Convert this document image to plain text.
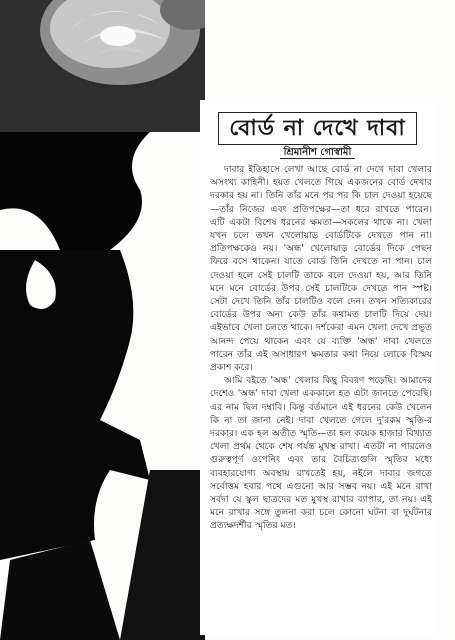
বোর্ড না দেখে দাবা
শ্রিমানীশ গোস্বামী

দাবার ইতিহাসে লেখা আছে বোর্ড না দেখে দাবা খেলার অসংখ্য কাহিনী। হয়ত খেলতে গিয়ে একজনের বোর্ড দেখার দরকার হয় না। তিনি তাঁর মনে পর পর কি চাল দেওয়া হয়েছে—তাঁর নিজের এবং প্রতিপক্ষের—তা ধরে রাখতে পারেন। এটি একটা বিশেষ ধরনের ক্ষমতা—সকলের থাকে না। খেলা যখন চলে তখন খেলোয়াড় বোর্ডটিকে দেখতে পান না। প্রতিপক্ষকেও নয়। 'অন্ধ' খেলোয়াড় বোর্ডের দিকে পেছন ফিরে বসে থাকেন। যাতে বোর্ড তিনি দেখতে না পান। চাল দেওয়া হলে সেই চালটি তাকে বলে দেওয়া হয়, আর তিনি মনে মনে বোর্ডের উপর সেই চালটিকে দেখতে পান স্পষ্ট। সেটা দেখে তিনি তাঁর চালটিও বলে দেন। তখন সত্যিকারের বোর্ডের উপর অন্য কেউ তাঁর কথামত চালটি দিয়ে দেয়। এইভাবে খেলা চলতে থাকে। দর্শকেরা এমন খেলা দেখে প্রভূত আনন্দ পেয়ে থাকেন এবং যে ব্যক্তি 'অন্ধ' দাবা খেলতে পারেন তাঁর এই অসাধারণ ক্ষমতার কথা নিয়ে লোকে বিস্ময় প্রকাশ করে।

আমি বইতে 'অন্ধ' খেলার কিছু বিবরণ পড়েছি। আমাদের দেশেও 'অন্ধ' দাবা খেলা এককালে হত এটা জানতে পেরেছি। এর নাম ছিল দম্বাবি। কিন্তু বর্তমানে এই ধরনের কেউ খেলেন কি না তা জানা নেই। দাবা খেলতে গেলে দু'রকম স্মৃতি-র দরকার। এক হল অতীত স্মৃতি—তা হল কয়েক হাজার বিখ্যাত খেলা প্রথম থেকে শেষ পর্যন্ত মুখস্থ রাখা। এতটা না পারলেও গুরুত্বপূর্ণ ওপেনিং এবং তার বৈচিত্র্যগুলি স্মৃতির মধ্যে ব্যবহারযোগ্য অবস্থায় রাখতেই হয়, নইলে দাবার জগতে সর্বোত্তম হবার পথে এগুনো আর সম্ভব নয়। এই মনে রাখা সর্বদা যে স্কুল ছাত্রদের মত মুখস্থ রাখার ব্যাপার, তা নয়। এই মনে রাখার সঙ্গে তুলনা করা চলে কোনো ঘটনা বা দুর্ঘটনার প্রত্যক্ষদর্শীর স্মৃতির মত।
